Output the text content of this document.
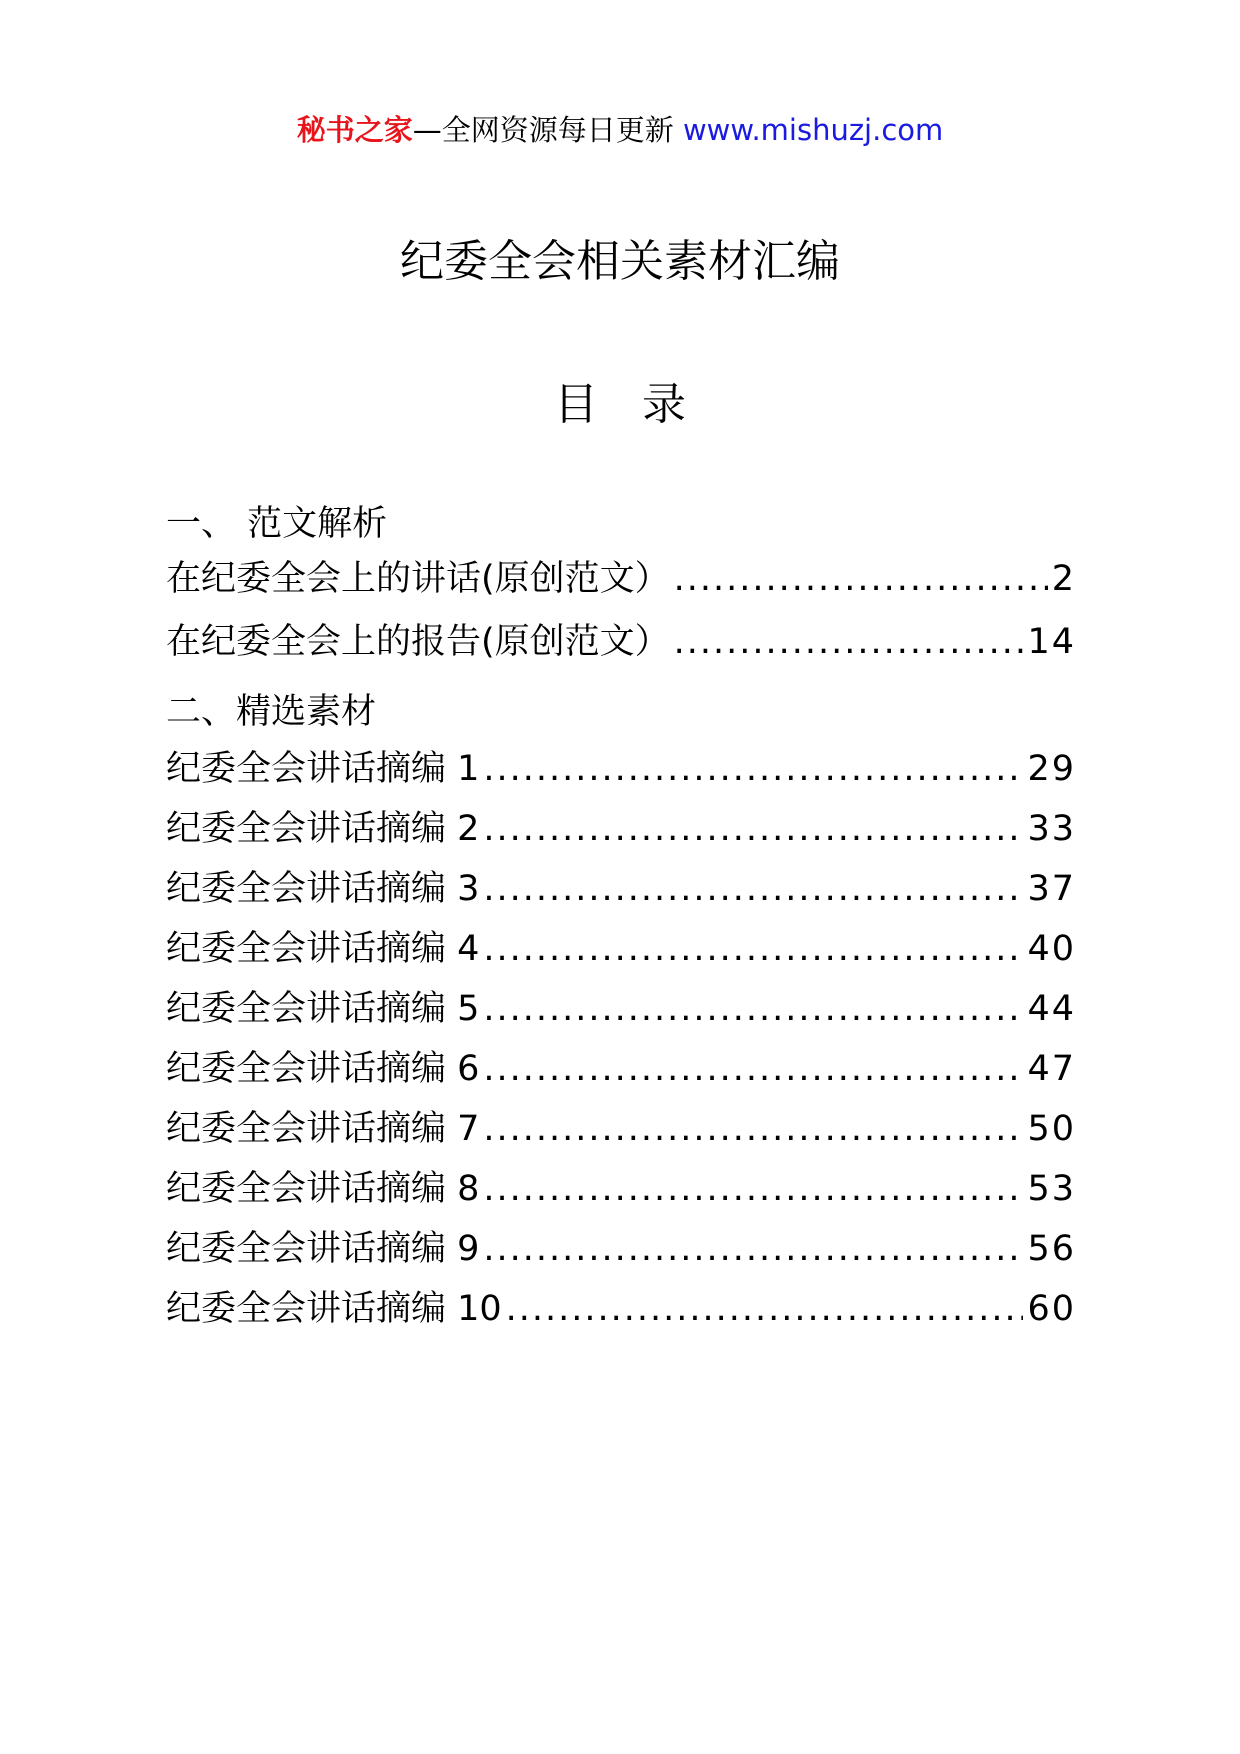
秘书之家—全网资源每日更新 www.mishuzj.com
纪委全会相关素材汇编
目录
一、 范文解析
在纪委全会上的讲话(原创范文） .....	2
在纪委全会上的报告(原创范文） .....	14
二、精选素材
纪委全会讲话摘编 1 .....	29
纪委全会讲话摘编 2 .....	33
纪委全会讲话摘编 3 .....	37
纪委全会讲话摘编 4 .....	40
纪委全会讲话摘编 5 .....	44
纪委全会讲话摘编 6 .....	47
纪委全会讲话摘编 7 .....	50
纪委全会讲话摘编 8 .....	53
纪委全会讲话摘编 9 .....	56
纪委全会讲话摘编 10 .....	60
